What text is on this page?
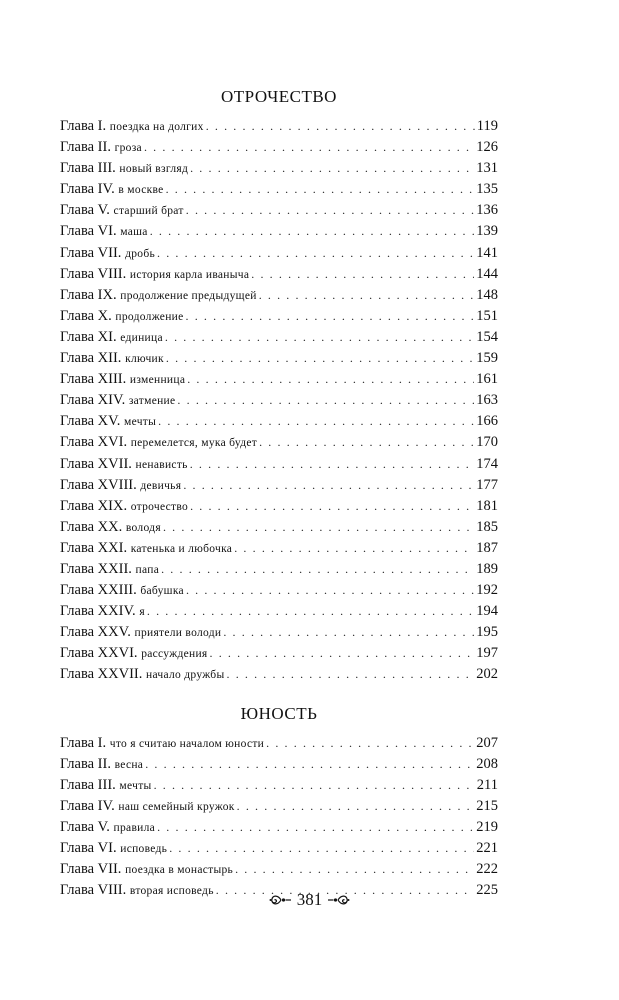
ОТРОЧЕСТВО
Глава I. поездка на долгих . . .	119
Глава II. гроза . . .	126
Глава III. новый взгляд . . .	131
Глава IV. в москве . . .	135
Глава V. старший брат . . .	136
Глава VI. маша . . .	139
Глава VII. дробь . . .	141
Глава VIII. история карла иваныча . . .	144
Глава IX. продолжение предыдущей . . .	148
Глава X. продолжение . . .	151
Глава XI. единица . . .	154
Глава XII. ключик . . .	159
Глава XIII. изменница . . .	161
Глава XIV. затмение . . .	163
Глава XV. мечты . . .	166
Глава XVI. перемелется, мука будет . . .	170
Глава XVII. ненависть . . .	174
Глава XVIII. девичья . . .	177
Глава XIX. отрочество . . .	181
Глава XX. володя . . .	185
Глава XXI. катенька и любочка . . .	187
Глава XXII. папа . . .	189
Глава XXIII. бабушка . . .	192
Глава XXIV. я . . .	194
Глава XXV. приятели володи . . .	195
Глава XXVI. рассуждения . . .	197
Глава XXVII. начало дружбы . . .	202
ЮНОСТЬ
Глава I. что я считаю началом юности . . .	207
Глава II. весна . . .	208
Глава III. мечты . . .	211
Глава IV. наш семейный кружок . . .	215
Глава V. правила . . .	219
Глава VI. исповедь . . .	221
Глава VII. поездка в монастырь . . .	222
Глава VIII. вторая исповедь . . .	225
381
